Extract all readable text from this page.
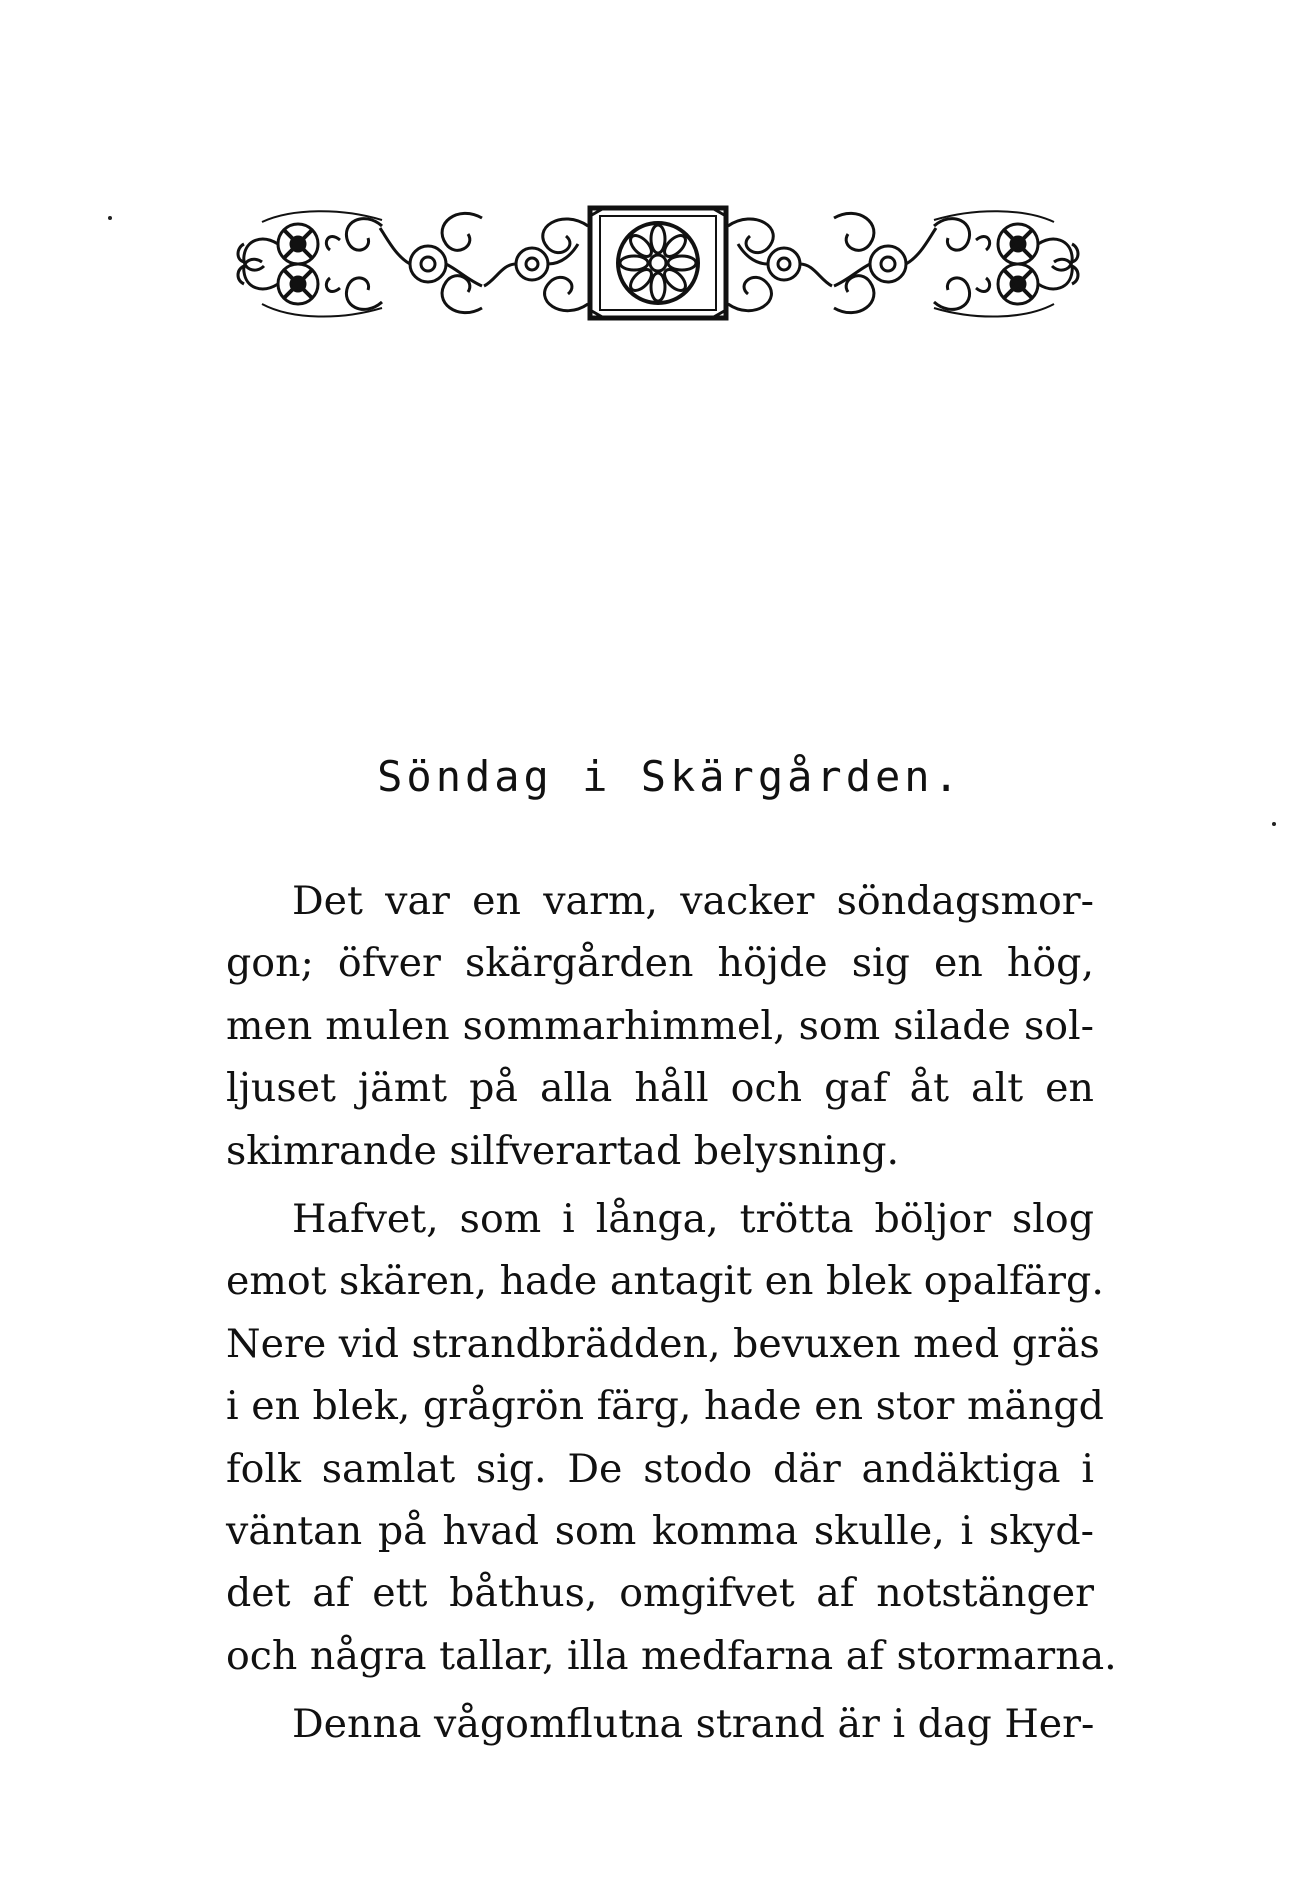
Söndag i Skärgården.
Det var en varm, vacker söndagsmor-
gon; öfver skärgården höjde sig en hög,
men mulen sommarhimmel, som silade sol-
ljuset jämt på alla håll och gaf åt alt en
skimrande silfverartad belysning.
Hafvet, som i långa, trötta böljor slog
emot skären, hade antagit en blek opalfärg.
Nere vid strandbrädden, bevuxen med gräs
i en blek, grågrön färg, hade en stor mängd
folk samlat sig. De stodo där andäktiga i
väntan på hvad som komma skulle, i skyd-
det af ett båthus, omgifvet af notstänger
och några tallar, illa medfarna af stormarna.
Denna vågomflutna strand är i dag Her-
